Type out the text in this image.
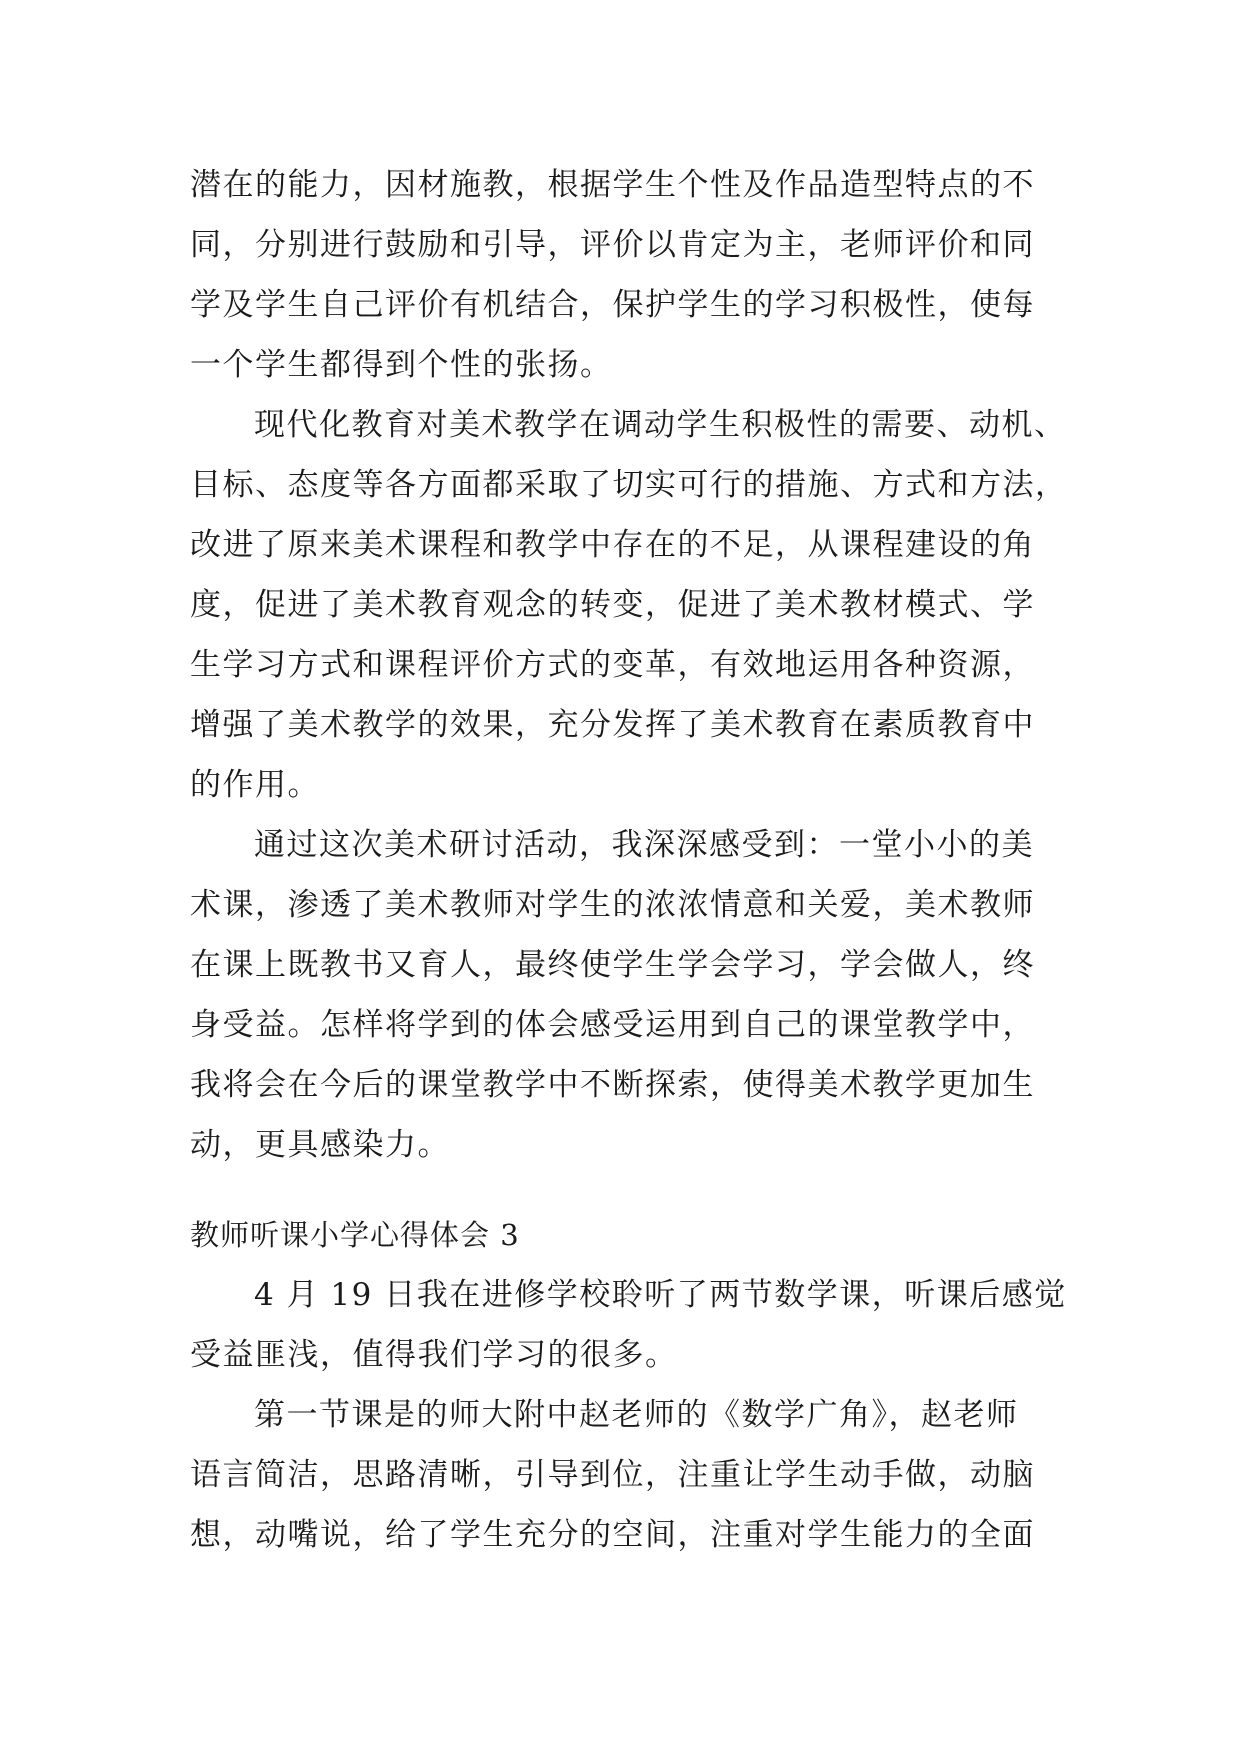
潜在的能力，因材施教，根据学生个性及作品造型特点的不

同，分别进行鼓励和引导，评价以肯定为主，老师评价和同

学及学生自己评价有机结合，保护学生的学习积极性，使每

一个学生都得到个性的张扬。

现代化教育对美术教学在调动学生积极性的需要、动机、

目标、态度等各方面都采取了切实可行的措施、方式和方法，

改进了原来美术课程和教学中存在的不足，从课程建设的角

度，促进了美术教育观念的转变，促进了美术教材模式、学

生学习方式和课程评价方式的变革，有效地运用各种资源，

增强了美术教学的效果，充分发挥了美术教育在素质教育中

的作用。

通过这次美术研讨活动，我深深感受到：一堂小小的美

术课，渗透了美术教师对学生的浓浓情意和关爱，美术教师

在课上既教书又育人，最终使学生学会学习，学会做人，终

身受益。怎样将学到的体会感受运用到自己的课堂教学中，

我将会在今后的课堂教学中不断探索，使得美术教学更加生

动，更具感染力。

教师听课小学心得体会 3

4 月 19 日我在进修学校聆听了两节数学课，听课后感觉

受益匪浅，值得我们学习的很多。

第一节课是的师大附中赵老师的《数学广角》，赵老师

语言简洁，思路清晰，引导到位，注重让学生动手做，动脑

想，动嘴说，给了学生充分的空间，注重对学生能力的全面
